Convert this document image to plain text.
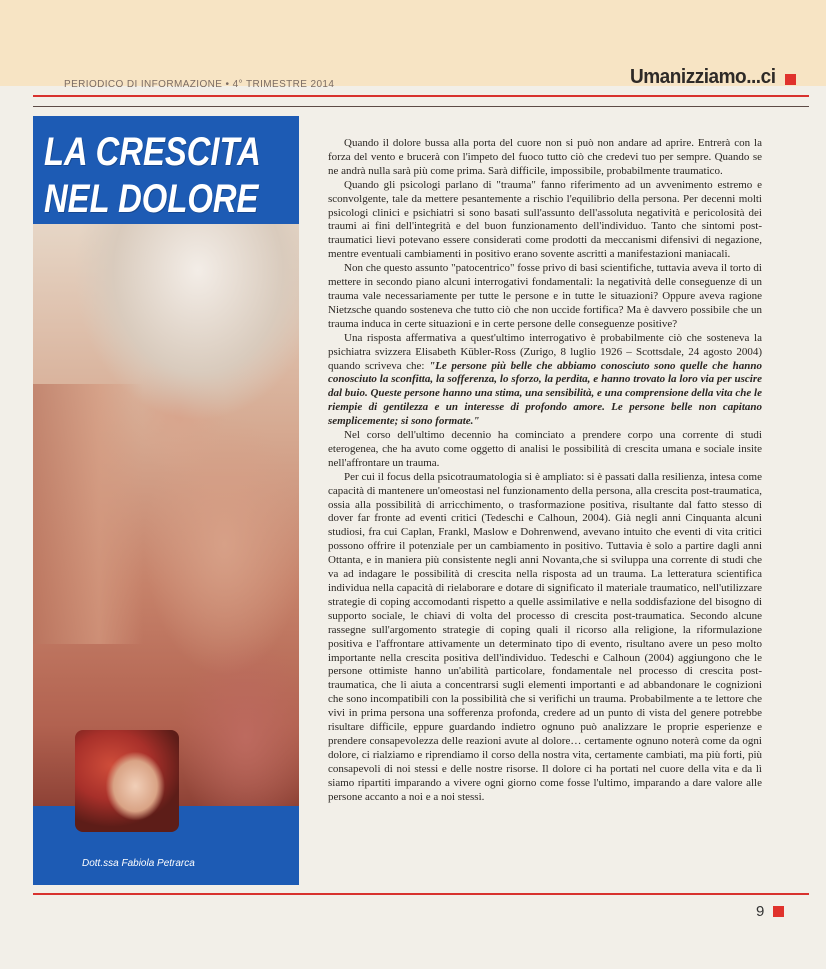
PERIODICO DI INFORMAZIONE • 4° TRIMESTRE 2014	Umanizziamo...ci
LA CRESCITA
NEL DOLORE
Dott.ssa Fabiola Petrarca

Quando il dolore bussa alla porta del cuore non si può non andare ad aprire. Entrerà con la forza del vento e brucerà con l'impeto del fuoco tutto ciò che credevi tuo per sempre. Quando se ne andrà nulla sarà più come prima. Sarà difficile, impossibile, probabilmente traumatico.

Quando gli psicologi parlano di "trauma" fanno riferimento ad un avvenimento estremo e sconvolgente, tale da mettere pesantemente a rischio l'equilibrio della persona. Per decenni molti psicologi clinici e psichiatri si sono basati sull'assunto dell'assoluta negatività e pericolosità dei traumi ai fini dell'integrità e del buon funzionamento dell'individuo. Tanto che sintomi post-traumatici lievi potevano essere considerati come prodotti da meccanismi difensivi di negazione, mentre eventuali cambiamenti in positivo erano sovente ascritti a manifestazioni maniacali.

Non che questo assunto "patocentrico" fosse privo di basi scientifiche, tuttavia aveva il torto di mettere in secondo piano alcuni interrogativi fondamentali: la negatività delle conseguenze di un trauma vale necessariamente per tutte le persone e in tutte le situazioni? Oppure aveva ragione Nietzsche quando sosteneva che tutto ciò che non uccide fortifica? Ma è davvero possibile che un trauma induca in certe situazioni e in certe persone delle conseguenze positive?

Una risposta affermativa a quest'ultimo interrogativo è probabilmente ciò che sosteneva la psichiatra svizzera Elisabeth Kübler-Ross (Zurigo, 8 luglio 1926 – Scottsdale, 24 agosto 2004) quando scriveva che: "Le persone più belle che abbiamo conosciuto sono quelle che hanno conosciuto la sconfitta, la sofferenza, lo sforzo, la perdita, e hanno trovato la loro via per uscire dal buio. Queste persone hanno una stima, una sensibilità, e una comprensione della vita che le riempie di gentilezza e un interesse di profondo amore. Le persone belle non capitano semplicemente; si sono formate."

Nel corso dell'ultimo decennio ha cominciato a prendere corpo una corrente di studi eterogenea, che ha avuto come oggetto di analisi le possibilità di crescita umana e sociale insite nell'affrontare un trauma.

Per cui il focus della psicotraumatologia si è ampliato: si è passati dalla resilienza, intesa come capacità di mantenere un'omeostasi nel funzionamento della persona, alla crescita post-traumatica, ossia alla possibilità di arricchimento, o trasformazione positiva, risultante dal fatto stesso di dover far fronte ad eventi critici (Tedeschi e Calhoun, 2004). Già negli anni Cinquanta alcuni studiosi, fra cui Caplan, Frankl, Maslow e Dohrenwend, avevano intuito che eventi di vita critici possono offrire il potenziale per un cambiamento in positivo. Tuttavia è solo a partire dagli anni Ottanta, e in maniera più consistente negli anni Novanta,che si sviluppa una corrente di studi che va ad indagare le possibilità di crescita nella risposta ad un trauma. La letteratura scientifica individua nella capacità di rielaborare e dotare di significato il materiale traumatico, nell'utilizzare strategie di coping accomodanti rispetto a quelle assimilative e nella soddisfazione del bisogno di supporto sociale, le chiavi di volta del processo di crescita post-traumatica. Secondo alcune rassegne sull'argomento strategie di coping quali il ricorso alla religione, la riformulazione positiva e l'affrontare attivamente un determinato tipo di evento, risultano avere un peso molto importante nella crescita positiva dell'individuo. Tedeschi e Calhoun (2004) aggiungono che le persone ottimiste hanno un'abilità particolare, fondamentale nel processo di crescita post-traumatica, che li aiuta a concentrarsi sugli elementi importanti e ad abbandonare le cognizioni che sono incompatibili con la possibilità che si verifichi un trauma. Probabilmente a te lettore che vivi in prima persona una sofferenza profonda, credere ad un punto di vista del genere potrebbe risultare difficile, eppure guardando indietro ognuno può analizzare le proprie esperienze e prendere consapevolezza delle reazioni avute al dolore… certamente ognuno noterà come da ogni dolore, ci rialziamo e riprendiamo il corso della nostra vita, certamente cambiati, ma più forti, più consapevoli di noi stessi e delle nostre risorse. Il dolore ci ha portati nel cuore della vita e da lì siamo ripartiti imparando a vivere ogni giorno come fosse l'ultimo, imparando a dare valore alle persone accanto a noi e a noi stessi.

9
